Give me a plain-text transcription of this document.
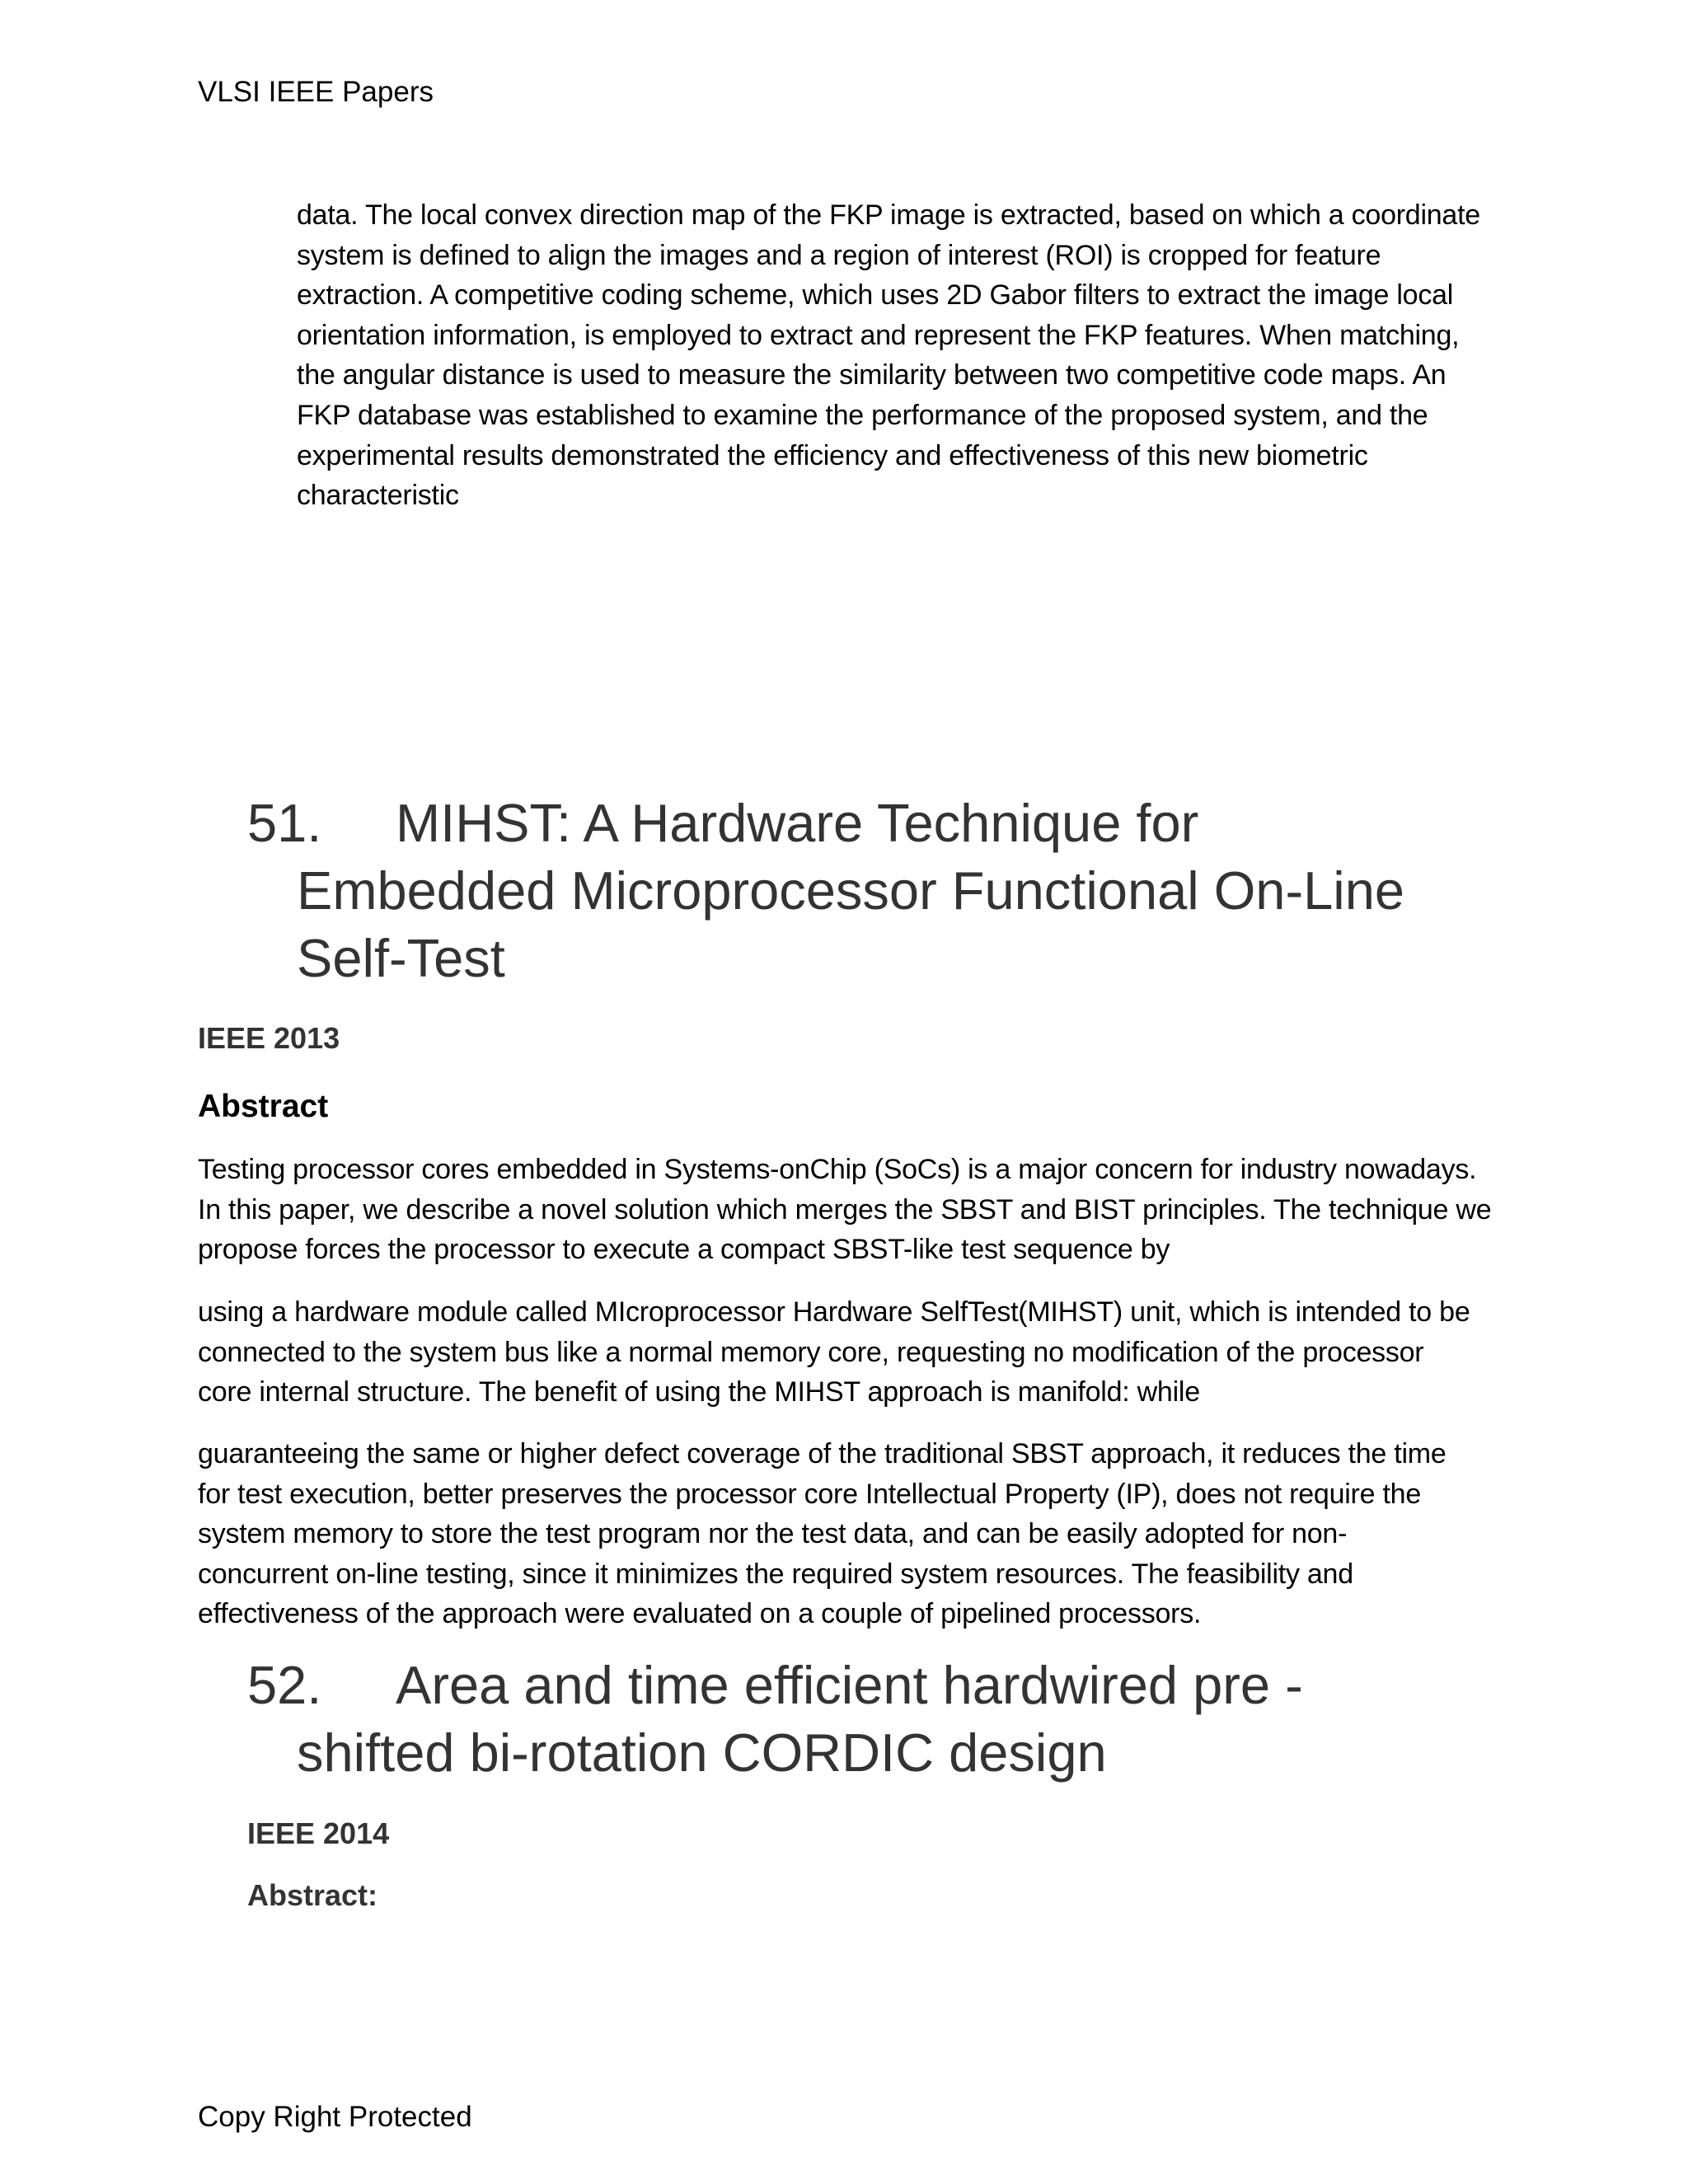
VLSI IEEE Papers

data. The local convex direction map of the FKP image is extracted, based on which a coordinate
system is defined to align the images and a region of interest (ROI) is cropped for feature
extraction. A competitive coding scheme, which uses 2D Gabor filters to extract the image local
orientation information, is employed to extract and represent the FKP features. When matching,
the angular distance is used to measure the similarity between two competitive code maps. An
FKP database was established to examine the performance of the proposed system, and the
experimental results demonstrated the efficiency and effectiveness of this new biometric
characteristic

51. MIHST: A Hardware Technique for
Embedded Microprocessor Functional On-Line
Self-Test
IEEE 2013
Abstract

Testing processor cores embedded in Systems-onChip (SoCs) is a major concern for industry nowadays.
In this paper, we describe a novel solution which merges the SBST and BIST principles. The technique we
propose forces the processor to execute a compact SBST-like test sequence by

using a hardware module called MIcroprocessor Hardware SelfTest(MIHST) unit, which is intended to be
connected to the system bus like a normal memory core, requesting no modification of the processor
core internal structure. The benefit of using the MIHST approach is manifold: while

guaranteeing the same or higher defect coverage of the traditional SBST approach, it reduces the time
for test execution, better preserves the processor core Intellectual Property (IP), does not require the
system memory to store the test program nor the test data, and can be easily adopted for non-
concurrent on-line testing, since it minimizes the required system resources. The feasibility and
effectiveness of the approach were evaluated on a couple of pipelined processors.

52. Area and time efficient hardwired pre -
shifted bi-rotation CORDIC design
IEEE 2014
Abstract:
Copy Right Protected
